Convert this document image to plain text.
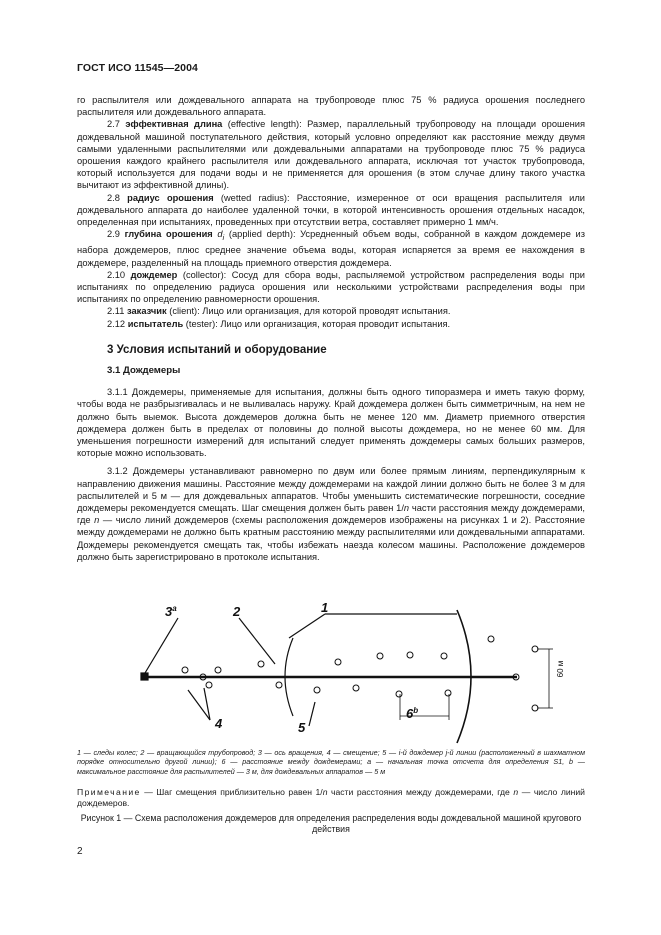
ГОСТ ИСО 11545—2004

го распылителя или дождевального аппарата на трубопроводе плюс 75 % радиуса орошения последнего распылителя или дождевального аппарата.

2.7 эффективная длина (effective length): Размер, параллельный трубопроводу на площади орошения дождевальной машиной поступательного действия, который условно определяют как расстояние между двумя самыми удаленными распылителями или дождевальными аппаратами на трубопроводе плюс 75 % радиуса орошения каждого крайнего распылителя или дождевального аппарата, исключая тот участок трубопровода, который используется для подачи воды и не применяется для орошения (в этом случае длину такого участка вычитают из эффективной длины).

2.8 радиус орошения (wetted radius): Расстояние, измеренное от оси вращения распылителя или дождевального аппарата до наиболее удаленной точки, в которой интенсивность орошения отдельных насадок, определенная при испытаниях, проведенных при отсутствии ветра, составляет примерно 1 мм/ч.

2.9 глубина орошения $d_i$ (applied depth): Усредненный объем воды, собранной в каждом дождемере из набора дождемеров, плюс среднее значение объема воды, которая испаряется за время ее нахождения в дождемере, разделенный на площадь приемного отверстия дождемера.

2.10 дождемер (collector): Сосуд для сбора воды, распыляемой устройством распределения воды при испытаниях по определению радиуса орошения или несколькими устройствами распределения воды при испытаниях по определению равномерности орошения.

2.11 заказчик (client): Лицо или организация, для которой проводят испытания.

2.12 испытатель (tester): Лицо или организация, которая проводит испытания.

3 Условия испытаний и оборудование

3.1 Дождемеры

3.1.1 Дождемеры, применяемые для испытания, должны быть одного типоразмера и иметь такую форму, чтобы вода не разбрызгивалась и не выливалась наружу. Край дождемера должен быть симметричным, на нем не должно быть выемок. Высота дождемеров должна быть не менее 120 мм. Диаметр приемного отверстия дождемера должен быть в пределах от половины до полной высоты дождемера, но не менее 60 мм. Для уменьшения погрешности измерений для испытаний следует применять дождемеры самых больших размеров, которые можно использовать.

3.1.2 Дождемеры устанавливают равномерно по двум или более прямым линиям, перпендикулярным к направлению движения машины. Расстояние между дождемерами на каждой линии должно быть не более 3 м для распылителей и 5 м — для дождевальных аппаратов. Чтобы уменьшить систематические погрешности, соседние дождемеры рекомендуется смещать. Шаг смещения должен быть равен 1/n части расстояния между дождемерами, где n — число линий дождемеров (схемы расположения дождемеров изображены на рисунках 1 и 2). Расстояние между дождемерами не должно быть кратным расстоянию между распылителями или дождевальными аппаратами. Дождемеры рекомендуется смещать так, чтобы избежать наезда колесом машины. Расположение дождемеров должно быть зарегистрировано в протоколе испытания.

3$^a$	2	1
4	5
6$^b$
60 м
1 — следы колес; 2 — вращающийся трубопровод; 3 — ось вращения, 4 — смещение; 5 — i-й дождемер j-й линии (расположенный в шахматном порядке относительно другой линии); 6 — расстояние между дождемерами; a — начальная точка отсчета для определения S1, b — максимальное расстояние для распылителей — 3 м, для дождевальных аппаратов — 5 м
Примечание — Шаг смещения приблизительно равен 1/n части расстояния между дождемерами, где n — число линий дождемеров.
Рисунок 1 — Схема расположения дождемеров для определения распределения воды дождевальной машиной кругового действия
2
